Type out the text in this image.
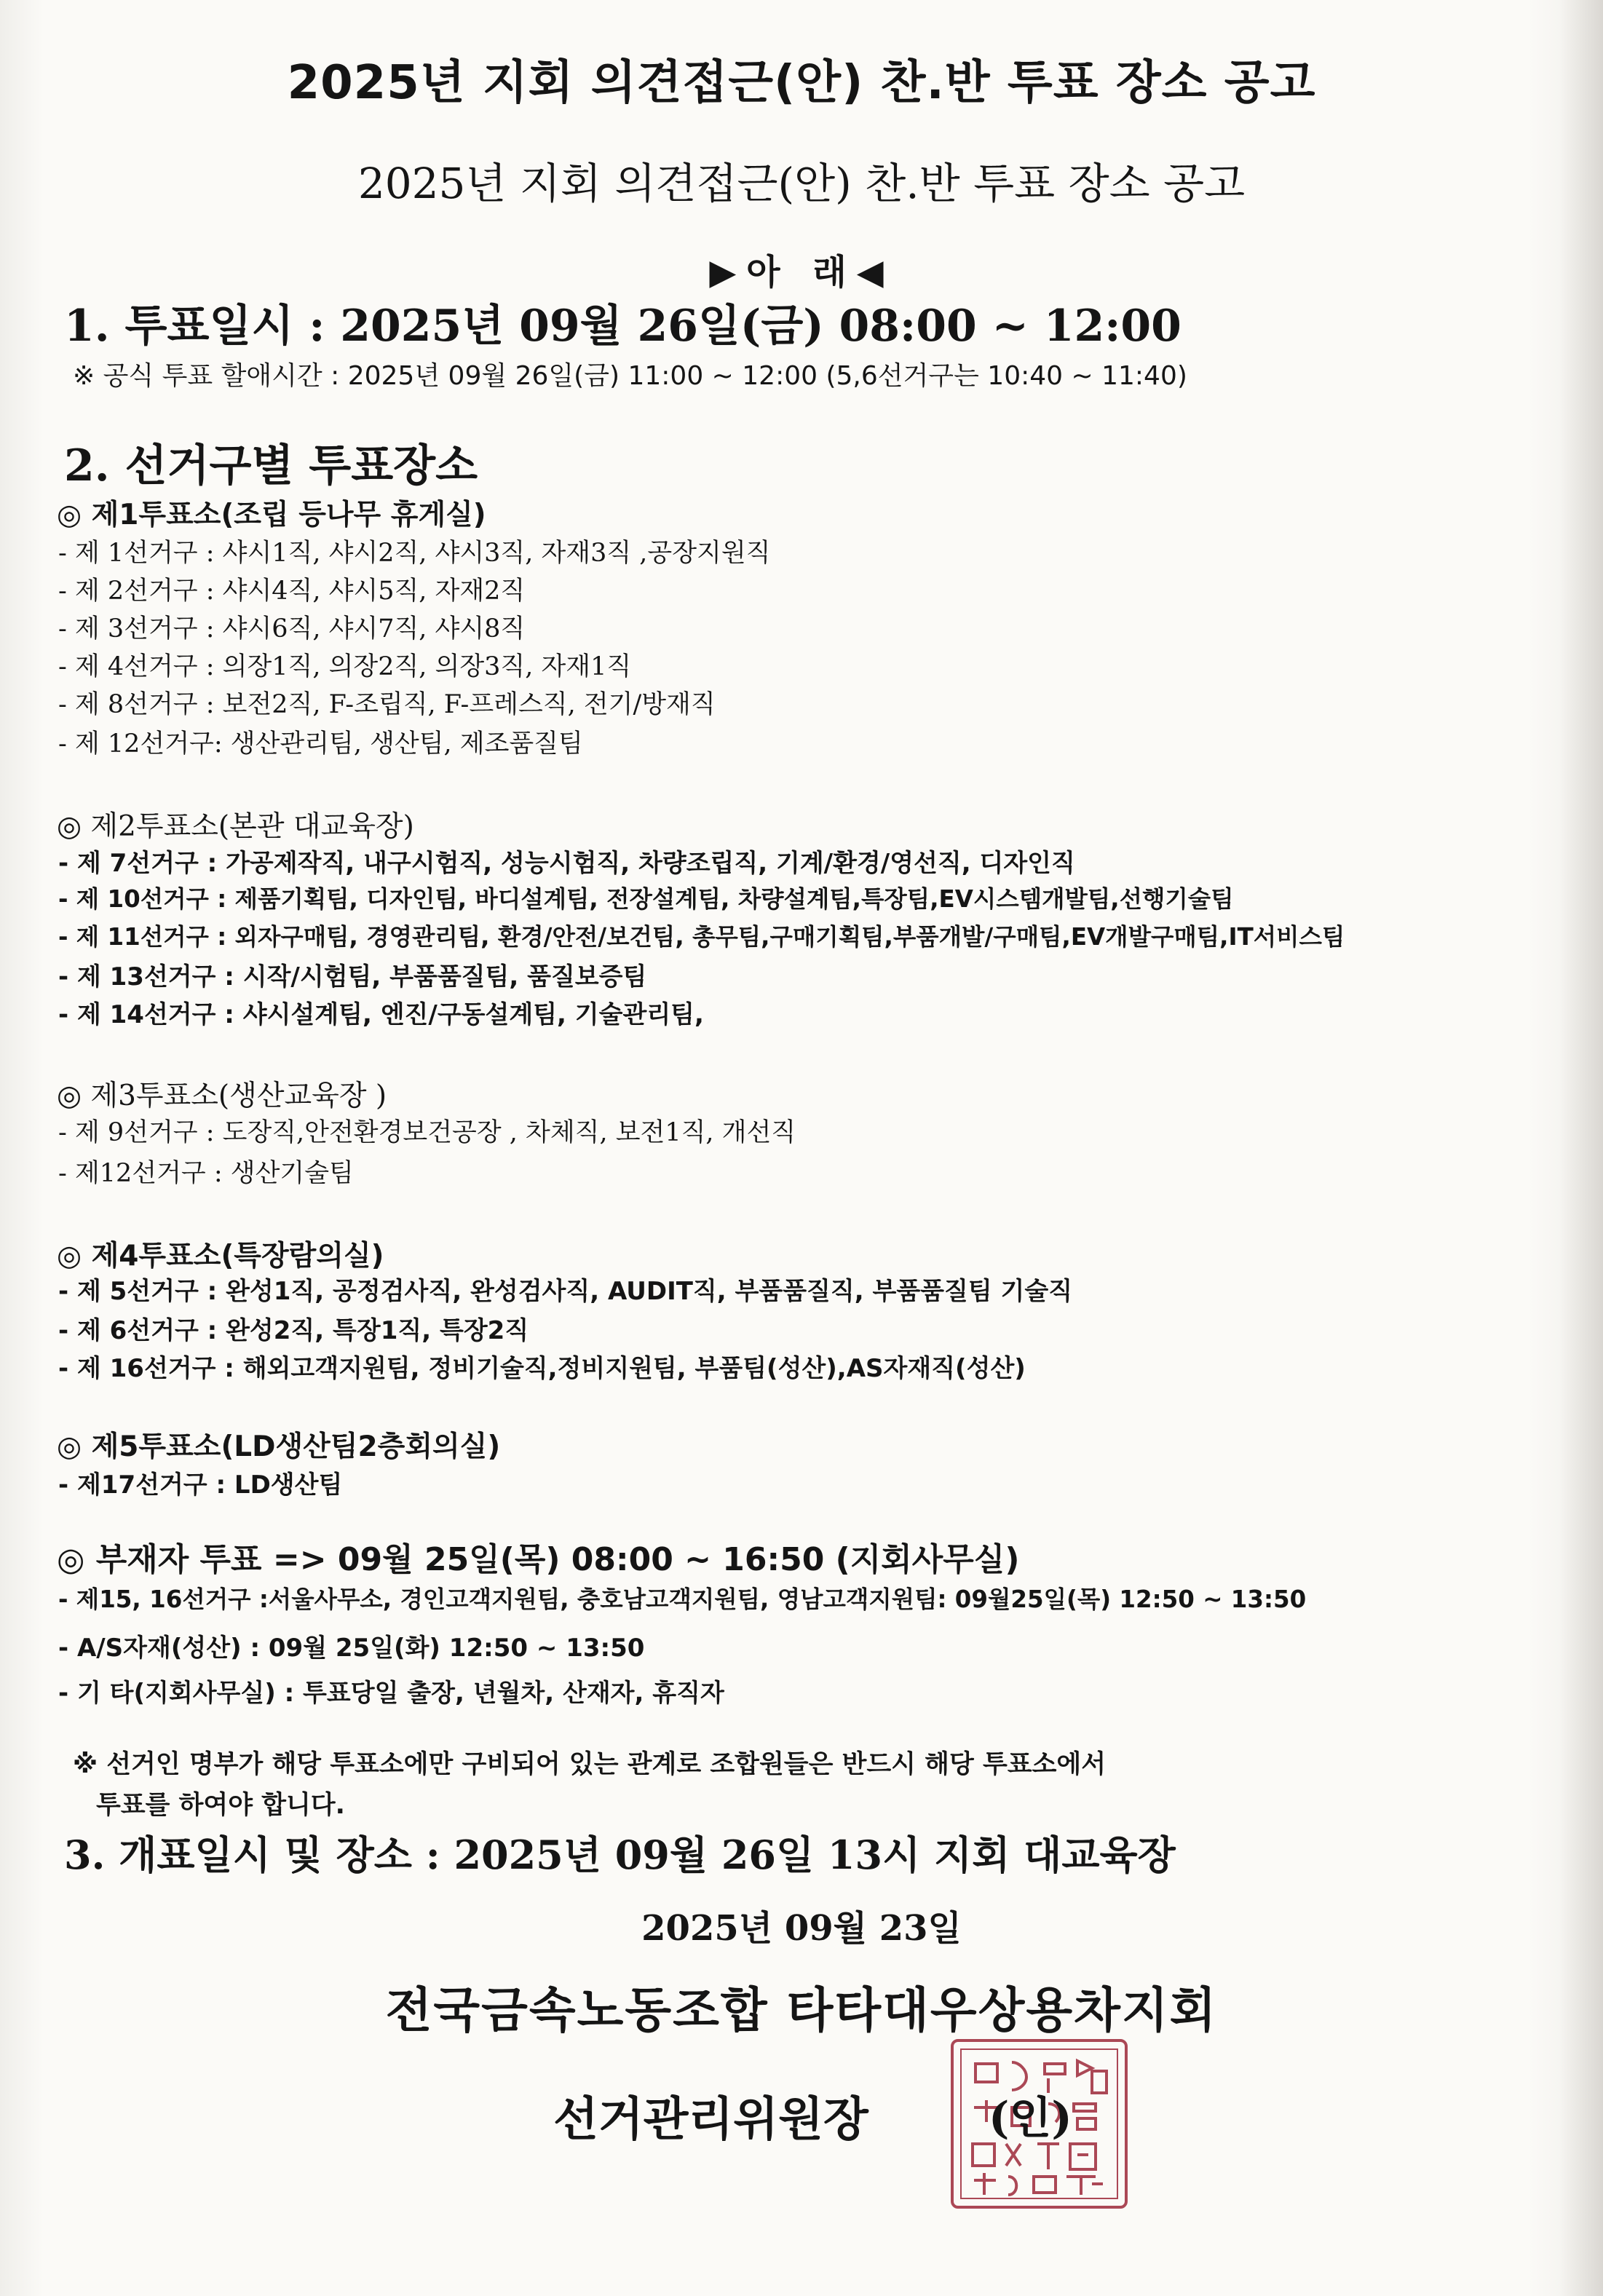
2025년 지회 의견접근(안) 찬.반 투표 장소 공고
2025년 지회 의견접근(안) 찬.반 투표 장소 공고
▶아 래◀
1. 투표일시 : 2025년 09월 26일(금) 08:00 ~ 12:00
※ 공식 투표 할애시간 : 2025년 09월 26일(금) 11:00 ~ 12:00 (5,6선거구는 10:40 ~ 11:40)
2. 선거구별 투표장소
◎ 제1투표소(조립 등나무 휴게실)
- 제 1선거구 : 샤시1직, 샤시2직, 샤시3직, 자재3직 ,공장지원직
- 제 2선거구 : 샤시4직, 샤시5직, 자재2직
- 제 3선거구 : 샤시6직, 샤시7직, 샤시8직
- 제 4선거구 : 의장1직, 의장2직, 의장3직, 자재1직
- 제 8선거구 : 보전2직, F-조립직, F-프레스직, 전기/방재직
- 제 12선거구: 생산관리팀, 생산팀, 제조품질팀
◎ 제2투표소(본관 대교육장)
- 제 7선거구 : 가공제작직, 내구시험직, 성능시험직, 차량조립직, 기계/환경/영선직, 디자인직
- 제 10선거구 : 제품기획팀, 디자인팀, 바디설계팀, 전장설계팀, 차량설계팀,특장팀,EV시스템개발팀,선행기술팀
- 제 11선거구 : 외자구매팀, 경영관리팀, 환경/안전/보건팀, 총무팀,구매기획팀,부품개발/구매팀,EV개발구매팀,IT서비스팀
- 제 13선거구 : 시작/시험팀, 부품품질팀, 품질보증팀
- 제 14선거구 : 샤시설계팀, 엔진/구동설계팀, 기술관리팀,
◎ 제3투표소(생산교육장 )
- 제 9선거구 : 도장직,안전환경보건공장 , 차체직, 보전1직, 개선직
- 제12선거구 : 생산기술팀
◎ 제4투표소(특장람의실)
- 제 5선거구 : 완성1직, 공정검사직, 완성검사직, AUDIT직, 부품품질직, 부품품질팀 기술직
- 제 6선거구 : 완성2직, 특장1직, 특장2직
- 제 16선거구 : 해외고객지원팀, 정비기술직,정비지원팀, 부품팀(성산),AS자재직(성산)
◎ 제5투표소(LD생산팀2층회의실)
- 제17선거구 : LD생산팀
◎ 부재자 투표 => 09월 25일(목) 08:00 ~ 16:50 (지회사무실)
- 제15, 16선거구 :서울사무소, 경인고객지원팀, 충호남고객지원팀, 영남고객지원팀: 09월25일(목) 12:50 ~ 13:50
- A/S자재(성산) : 09월 25일(화) 12:50 ~ 13:50
- 기 타(지회사무실) : 투표당일 출장, 년월차, 산재자, 휴직자
※ 선거인 명부가 해당 투표소에만 구비되어 있는 관계로 조합원들은 반드시 해당 투표소에서
투표를 하여야 합니다.
3. 개표일시 및 장소 : 2025년 09월 26일 13시 지회 대교육장
2025년 09월 23일
전국금속노동조합 타타대우상용차지회
선거관리위원장	(인)
